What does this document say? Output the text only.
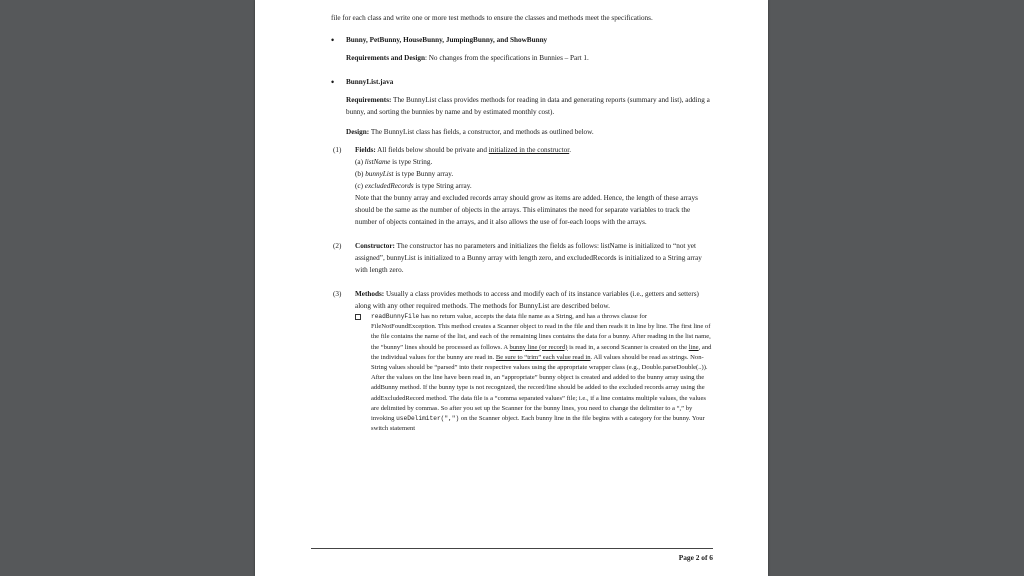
file for each class and write one or more test methods to ensure the classes and methods meet the specifications.

• Bunny, PetBunny, HouseBunny, JumpingBunny, and ShowBunny

Requirements and Design: No changes from the specifications in Bunnies – Part 1.

• BunnyList.java

Requirements: The BunnyList class provides methods for reading in data and generating reports (summary and list), adding a bunny, and sorting the bunnies by name and by estimated monthly cost).

Design: The BunnyList class has fields, a constructor, and methods as outlined below.

(1) Fields: All fields below should be private and initialized in the constructor.

(a) listName is type String.

(b) bunnyList is type Bunny array.

(c) excludedRecords is type String array.

Note that the bunny array and excluded records array should grow as items are added. Hence, the length of these arrays should be the same as the number of objects in the arrays. This eliminates the need for separate variables to track the number of objects contained in the arrays, and it also allows the use of for-each loops with the arrays.

(2) Constructor: The constructor has no parameters and initializes the fields as follows: listName is initialized to “not yet assigned”, bunnyList is initialized to a Bunny array with length zero, and excludedRecords is initialized to a String array with length zero.

(3) Methods: Usually a class provides methods to access and modify each of its instance variables (i.e., getters and setters) along with any other required methods. The methods for BunnyList are described below.

readBunnyFile has no return value, accepts the data file name as a String, and has a throws clause for FileNotFoundException. This method creates a Scanner object to read in the file and then reads it in line by line. The first line of the file contains the name of the list, and each of the remaining lines contains the data for a bunny. After reading in the list name, the “bunny” lines should be processed as follows. A bunny line (or record) is read in, a second Scanner is created on the line, and the individual values for the bunny are read in. Be sure to “trim” each value read in. All values should be read as strings. Non-String values should be “parsed” into their respective values using the appropriate wrapper class (e.g., Double.parseDouble(..)). After the values on the line have been read in, an “appropriate” bunny object is created and added to the bunny array using the addBunny method. If the bunny type is not recognized, the record/line should be added to the excluded records array using the addExcludedRecord method. The data file is a “comma separated values” file; i.e., if a line contains multiple values, the values are delimited by commas. So after you set up the Scanner for the bunny lines, you need to change the delimiter to a “,” by invoking useDelimiter(",") on the Scanner object. Each bunny line in the file begins with a category for the bunny. Your switch statement

Page 2 of 6
